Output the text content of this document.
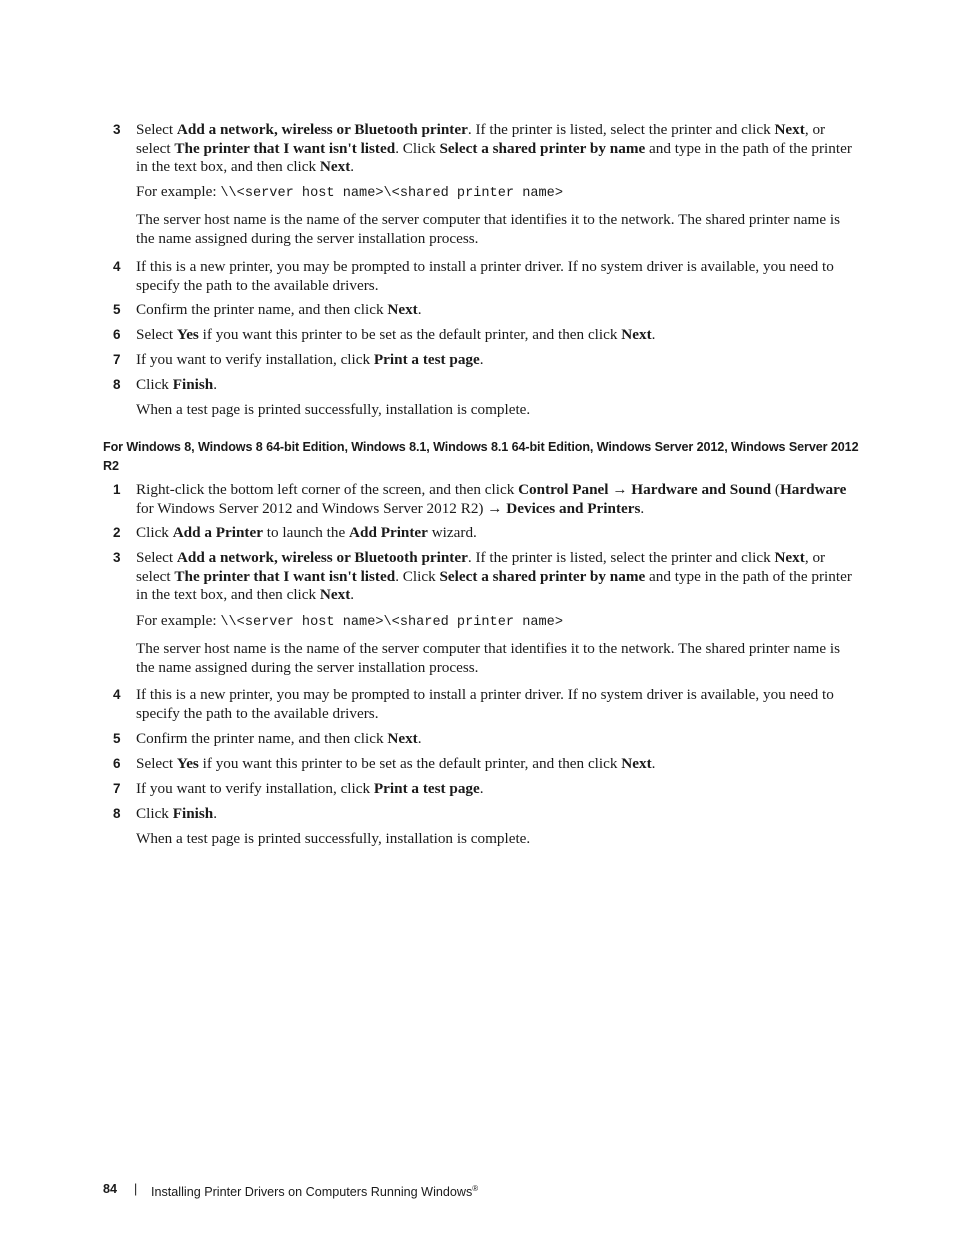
3 Select Add a network, wireless or Bluetooth printer. If the printer is listed, select the printer and click Next, or select The printer that I want isn't listed. Click Select a shared printer by name and type in the path of the printer in the text box, and then click Next.
For example: \\<server host name>\<shared printer name>
The server host name is the name of the server computer that identifies it to the network. The shared printer name is the name assigned during the server installation process.
4 If this is a new printer, you may be prompted to install a printer driver. If no system driver is available, you need to specify the path to the available drivers.
5 Confirm the printer name, and then click Next.
6 Select Yes if you want this printer to be set as the default printer, and then click Next.
7 If you want to verify installation, click Print a test page.
8 Click Finish.
When a test page is printed successfully, installation is complete.
For Windows 8, Windows 8 64-bit Edition, Windows 8.1, Windows 8.1 64-bit Edition, Windows Server 2012, Windows Server 2012 R2
1 Right-click the bottom left corner of the screen, and then click Control Panel → Hardware and Sound (Hardware for Windows Server 2012 and Windows Server 2012 R2) → Devices and Printers.
2 Click Add a Printer to launch the Add Printer wizard.
3 Select Add a network, wireless or Bluetooth printer. If the printer is listed, select the printer and click Next, or select The printer that I want isn't listed. Click Select a shared printer by name and type in the path of the printer in the text box, and then click Next.
For example: \\<server host name>\<shared printer name>
The server host name is the name of the server computer that identifies it to the network. The shared printer name is the name assigned during the server installation process.
4 If this is a new printer, you may be prompted to install a printer driver. If no system driver is available, you need to specify the path to the available drivers.
5 Confirm the printer name, and then click Next.
6 Select Yes if you want this printer to be set as the default printer, and then click Next.
7 If you want to verify installation, click Print a test page.
8 Click Finish.
When a test page is printed successfully, installation is complete.
84 | Installing Printer Drivers on Computers Running Windows®
